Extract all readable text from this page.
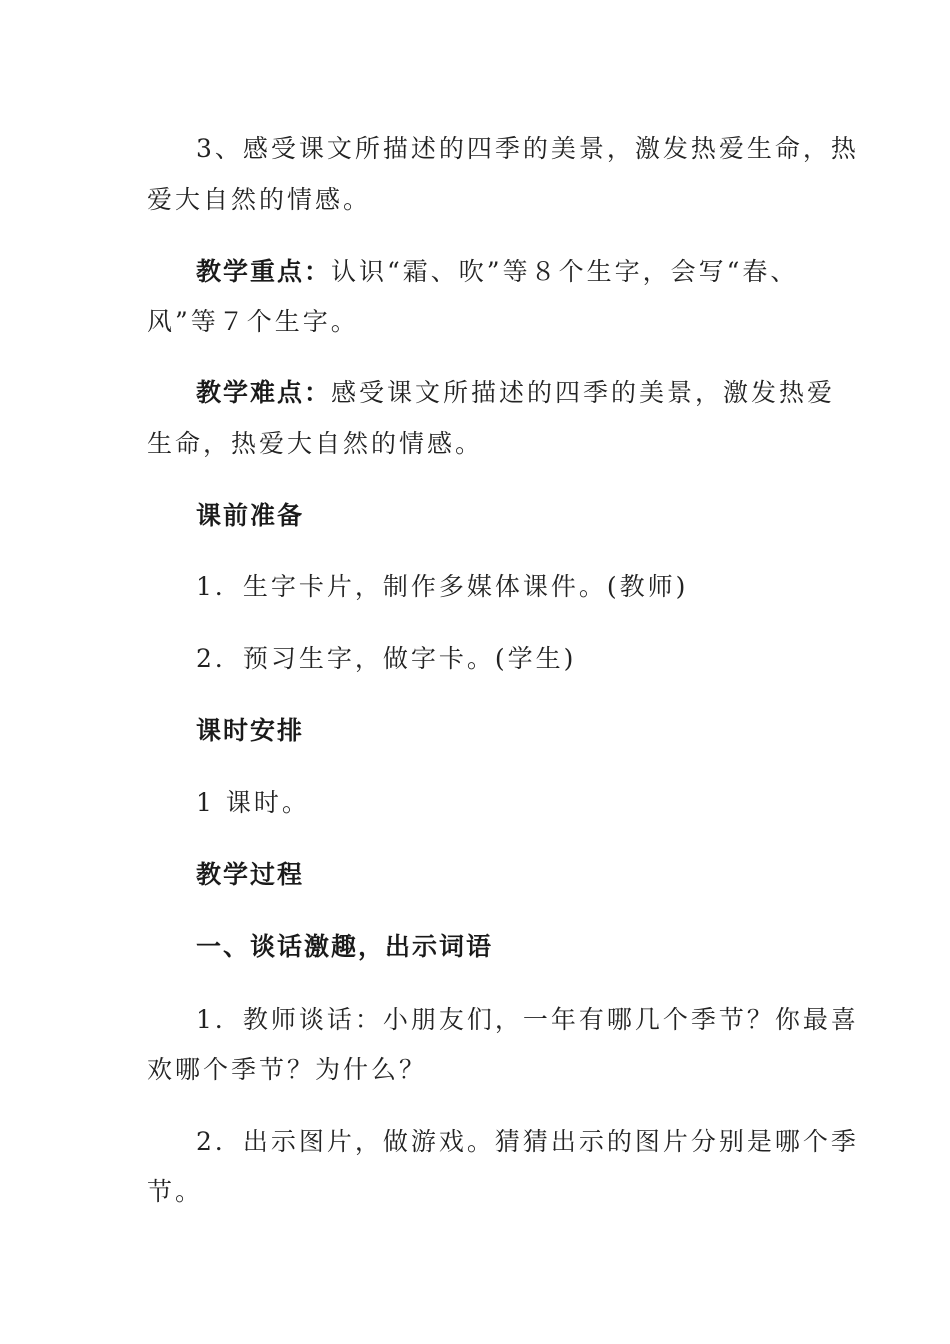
3、感受课文所描述的四季的美景，激发热爱生命，热
爱大自然的情感。
教学重点：认识“霜、吹”等８个生字，会写“春、
风”等７个生字。
教学难点：感受课文所描述的四季的美景，激发热爱
生命，热爱大自然的情感。
课前准备
1．生字卡片，制作多媒体课件。(教师)
2．预习生字，做字卡。(学生)
课时安排
1 课时。
教学过程
一、谈话激趣，出示词语
1．教师谈话：小朋友们，一年有哪几个季节？你最喜
欢哪个季节？为什么？
2．出示图片，做游戏。猜猜出示的图片分别是哪个季
节。
